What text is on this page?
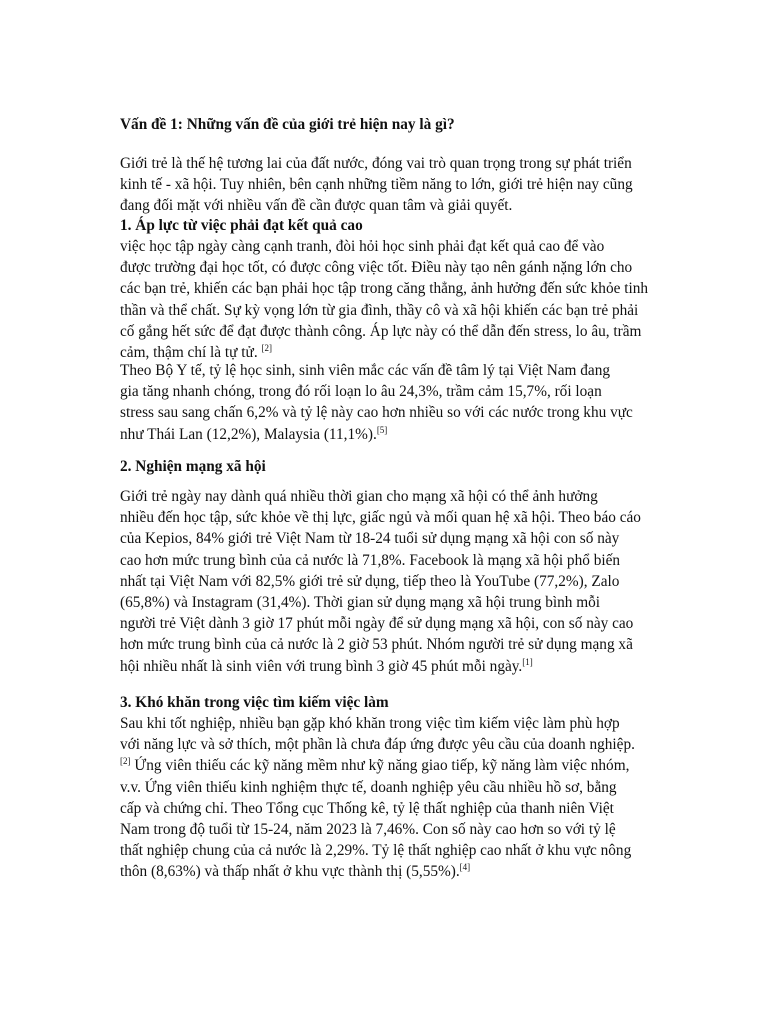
Vấn đề 1: Những vấn đề của giới trẻ hiện nay là gì?

Giới trẻ là thế hệ tương lai của đất nước, đóng vai trò quan trọng trong sự phát triển
kinh tế - xã hội. Tuy nhiên, bên cạnh những tiềm năng to lớn, giới trẻ hiện nay cũng
đang đối mặt với nhiều vấn đề cần được quan tâm và giải quyết.

1. Áp lực từ việc phải đạt kết quả cao

việc học tập ngày càng cạnh tranh, đòi hỏi học sinh phải đạt kết quả cao để vào
được trường đại học tốt, có được công việc tốt. Điều này tạo nên gánh nặng lớn cho
các bạn trẻ, khiến các bạn phải học tập trong căng thẳng, ảnh hưởng đến sức khỏe tinh
thần và thể chất. Sự kỳ vọng lớn từ gia đình, thầy cô và xã hội khiến các bạn trẻ phải
cố gắng hết sức để đạt được thành công. Áp lực này có thể dẫn đến stress, lo âu, trầm
cảm, thậm chí là tự tử. [2]

Theo Bộ Y tế, tỷ lệ học sinh, sinh viên mắc các vấn đề tâm lý tại Việt Nam đang
gia tăng nhanh chóng, trong đó rối loạn lo âu 24,3%, trầm cảm 15,7%, rối loạn
stress sau sang chấn 6,2% và tỷ lệ này cao hơn nhiều so với các nước trong khu vực
như Thái Lan (12,2%), Malaysia (11,1%).[5]

2. Nghiện mạng xã hội

Giới trẻ ngày nay dành quá nhiều thời gian cho mạng xã hội có thể ảnh hưởng
nhiều đến học tập, sức khỏe về thị lực, giấc ngủ và mối quan hệ xã hội. Theo báo cáo
của Kepios, 84% giới trẻ Việt Nam từ 18-24 tuổi sử dụng mạng xã hội con số này
cao hơn mức trung bình của cả nước là 71,8%. Facebook là mạng xã hội phổ biến
nhất tại Việt Nam với 82,5% giới trẻ sử dụng, tiếp theo là YouTube (77,2%), Zalo
(65,8%) và Instagram (31,4%). Thời gian sử dụng mạng xã hội trung bình mỗi
người trẻ Việt dành 3 giờ 17 phút mỗi ngày để sử dụng mạng xã hội, con số này cao
hơn mức trung bình của cả nước là 2 giờ 53 phút. Nhóm người trẻ sử dụng mạng xã
hội nhiều nhất là sinh viên với trung bình 3 giờ 45 phút mỗi ngày.[1]

3. Khó khăn trong việc tìm kiếm việc làm

Sau khi tốt nghiệp, nhiều bạn gặp khó khăn trong việc tìm kiếm việc làm phù hợp
với năng lực và sở thích, một phần là chưa đáp ứng được yêu cầu của doanh nghiệp.
[2] Ứng viên thiếu các kỹ năng mềm như kỹ năng giao tiếp, kỹ năng làm việc nhóm,
v.v. Ứng viên thiếu kinh nghiệm thực tế, doanh nghiệp yêu cầu nhiều hồ sơ, bằng
cấp và chứng chỉ. Theo Tổng cục Thống kê, tỷ lệ thất nghiệp của thanh niên Việt
Nam trong độ tuổi từ 15-24, năm 2023 là 7,46%. Con số này cao hơn so với tỷ lệ
thất nghiệp chung của cả nước là 2,29%. Tỷ lệ thất nghiệp cao nhất ở khu vực nông
thôn (8,63%) và thấp nhất ở khu vực thành thị (5,55%).[4]
